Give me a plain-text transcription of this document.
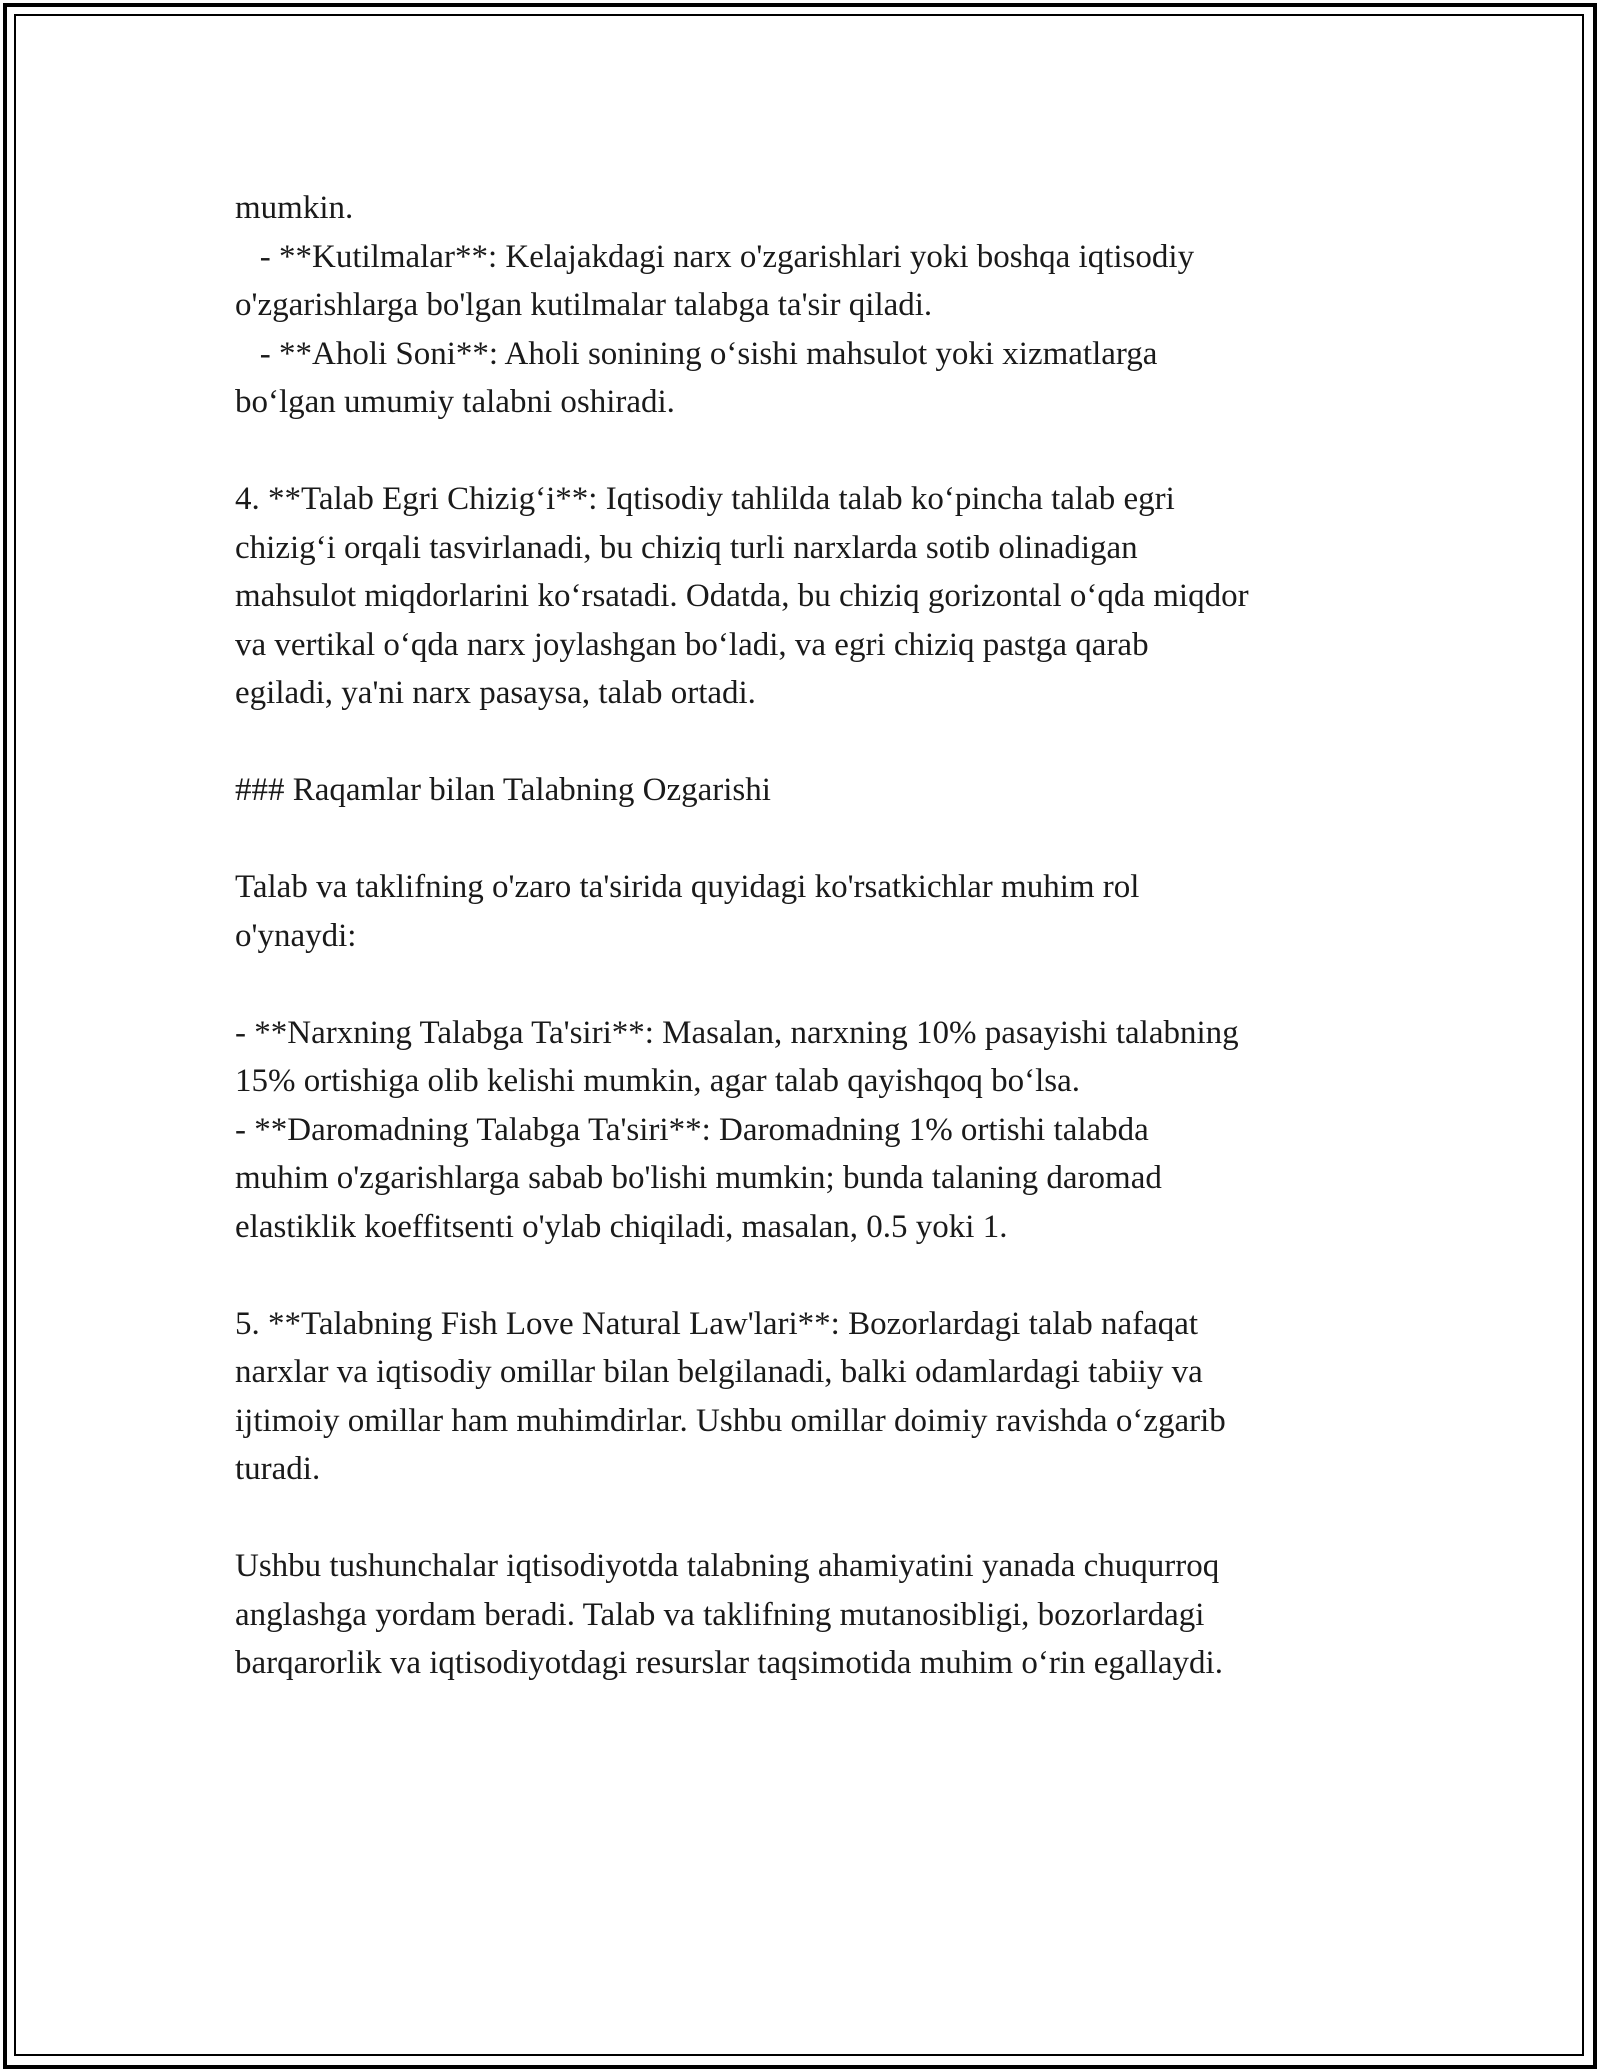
mumkin.

- **Kutilmalar**: Kelajakdagi narx o'zgarishlari yoki boshqa iqtisodiy

o'zgarishlarga bo'lgan kutilmalar talabga ta'sir qiladi.

- **Aholi Soni**: Aholi sonining o‘sishi mahsulot yoki xizmatlarga

bo‘lgan umumiy talabni oshiradi.

4. **Talab Egri Chizig‘i**: Iqtisodiy tahlilda talab ko‘pincha talab egri

chizig‘i orqali tasvirlanadi, bu chiziq turli narxlarda sotib olinadigan

mahsulot miqdorlarini ko‘rsatadi. Odatda, bu chiziq gorizontal o‘qda miqdor

va vertikal o‘qda narx joylashgan bo‘ladi, va egri chiziq pastga qarab

egiladi, ya'ni narx pasaysa, talab ortadi.

### Raqamlar bilan Talabning Ozgarishi

Talab va taklifning o'zaro ta'sirida quyidagi ko'rsatkichlar muhim rol

o'ynaydi:

- **Narxning Talabga Ta'siri**: Masalan, narxning 10% pasayishi talabning

15% ortishiga olib kelishi mumkin, agar talab qayishqoq bo‘lsa.

- **Daromadning Talabga Ta'siri**: Daromadning 1% ortishi talabda

muhim o'zgarishlarga sabab bo'lishi mumkin; bunda talaning daromad

elastiklik koeffitsenti o'ylab chiqiladi, masalan, 0.5 yoki 1.

5. **Talabning Fish Love Natural Law'lari**: Bozorlardagi talab nafaqat

narxlar va iqtisodiy omillar bilan belgilanadi, balki odamlardagi tabiiy va

ijtimoiy omillar ham muhimdirlar. Ushbu omillar doimiy ravishda o‘zgarib

turadi.

Ushbu tushunchalar iqtisodiyotda talabning ahamiyatini yanada chuqurroq

anglashga yordam beradi. Talab va taklifning mutanosibligi, bozorlardagi

barqarorlik va iqtisodiyotdagi resurslar taqsimotida muhim o‘rin egallaydi.
